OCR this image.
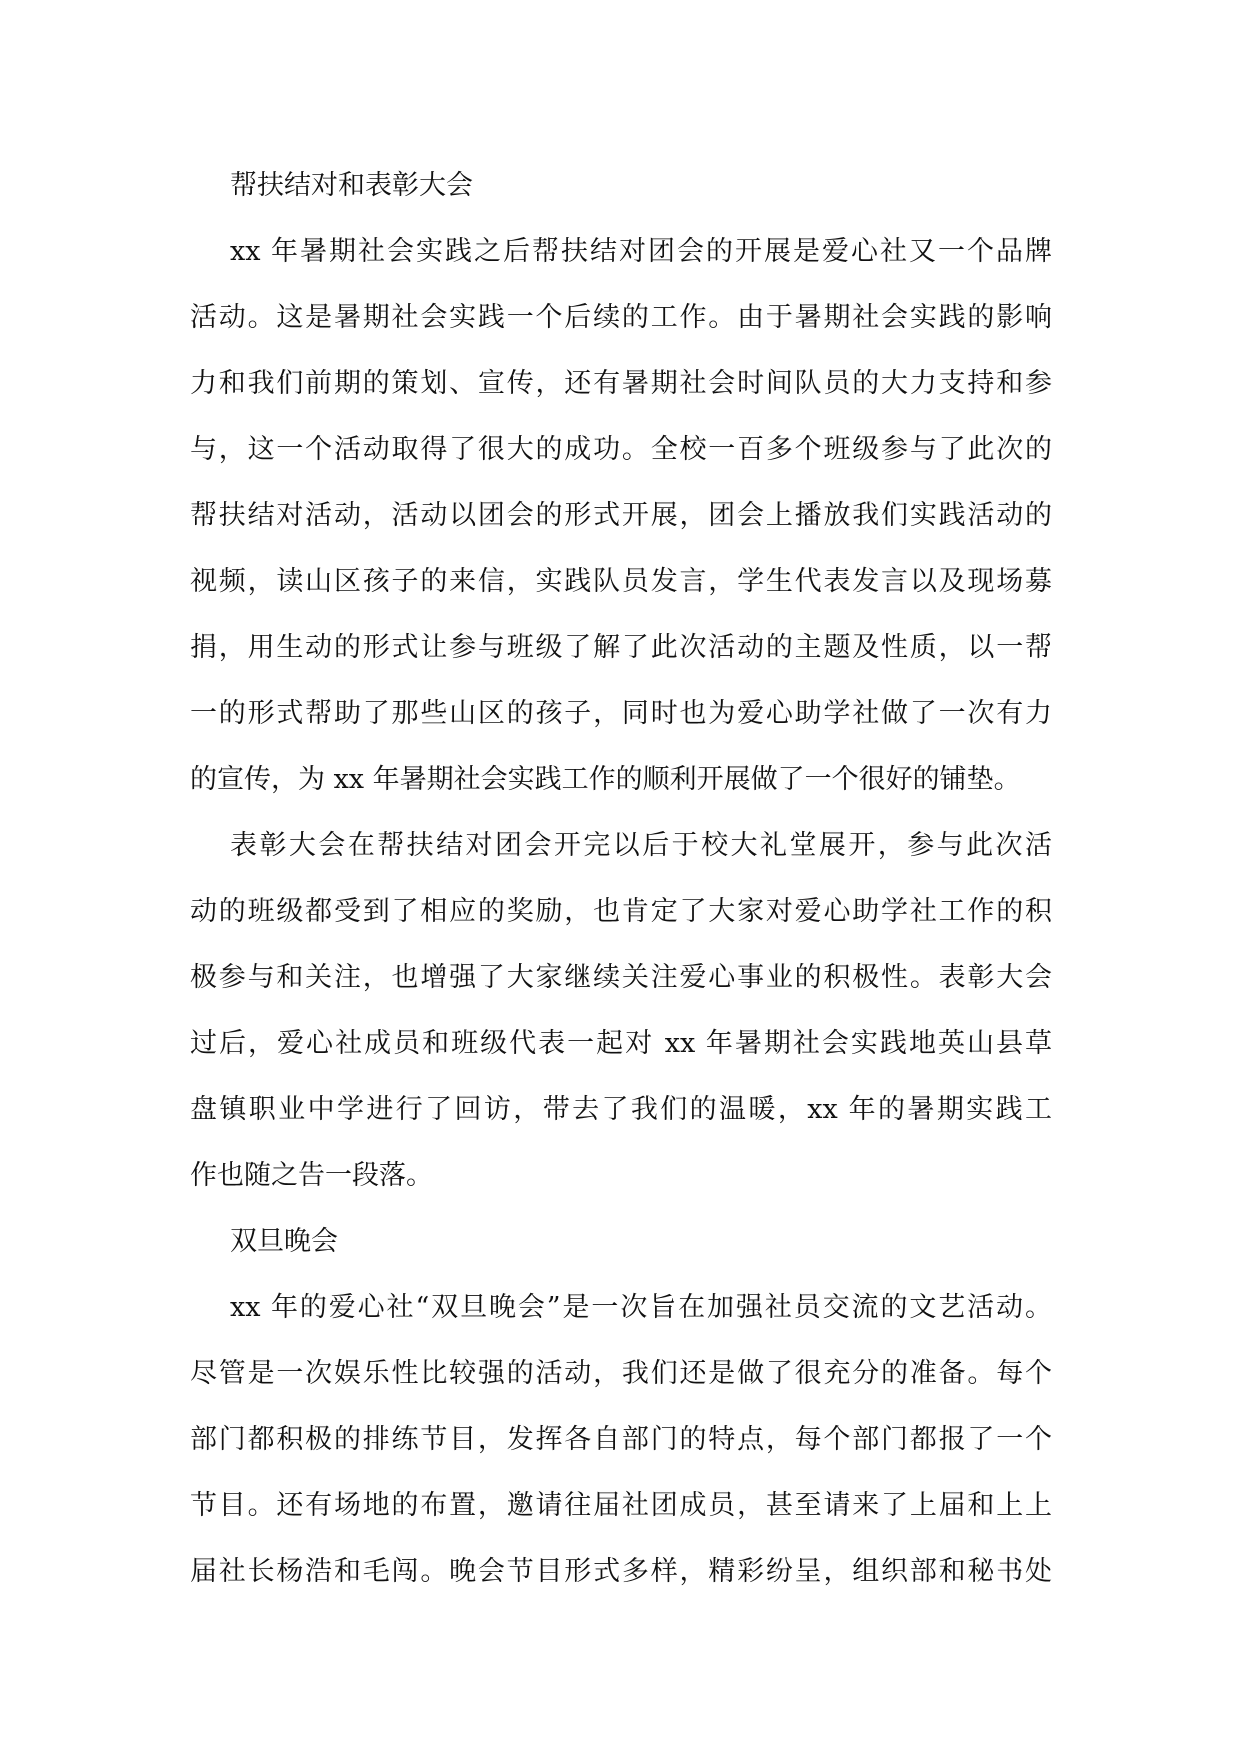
帮扶结对和表彰大会
xx 年暑期社会实践之后帮扶结对团会的开展是爱心社又一个品牌
活动。这是暑期社会实践一个后续的工作。由于暑期社会实践的影响
力和我们前期的策划、宣传，还有暑期社会时间队员的大力支持和参
与，这一个活动取得了很大的成功。全校一百多个班级参与了此次的
帮扶结对活动，活动以团会的形式开展，团会上播放我们实践活动的
视频，读山区孩子的来信，实践队员发言，学生代表发言以及现场募
捐，用生动的形式让参与班级了解了此次活动的主题及性质，以一帮
一的形式帮助了那些山区的孩子，同时也为爱心助学社做了一次有力
的宣传，为 xx 年暑期社会实践工作的顺利开展做了一个很好的铺垫。
表彰大会在帮扶结对团会开完以后于校大礼堂展开，参与此次活
动的班级都受到了相应的奖励，也肯定了大家对爱心助学社工作的积
极参与和关注，也增强了大家继续关注爱心事业的积极性。表彰大会
过后，爱心社成员和班级代表一起对 xx 年暑期社会实践地英山县草
盘镇职业中学进行了回访，带去了我们的温暖，xx 年的暑期实践工
作也随之告一段落。
双旦晚会
xx 年的爱心社“双旦晚会”是一次旨在加强社员交流的文艺活动。
尽管是一次娱乐性比较强的活动，我们还是做了很充分的准备。每个
部门都积极的排练节目，发挥各自部门的特点，每个部门都报了一个
节目。还有场地的布置，邀请往届社团成员，甚至请来了上届和上上
届社长杨浩和毛闯。晚会节目形式多样，精彩纷呈，组织部和秘书处
